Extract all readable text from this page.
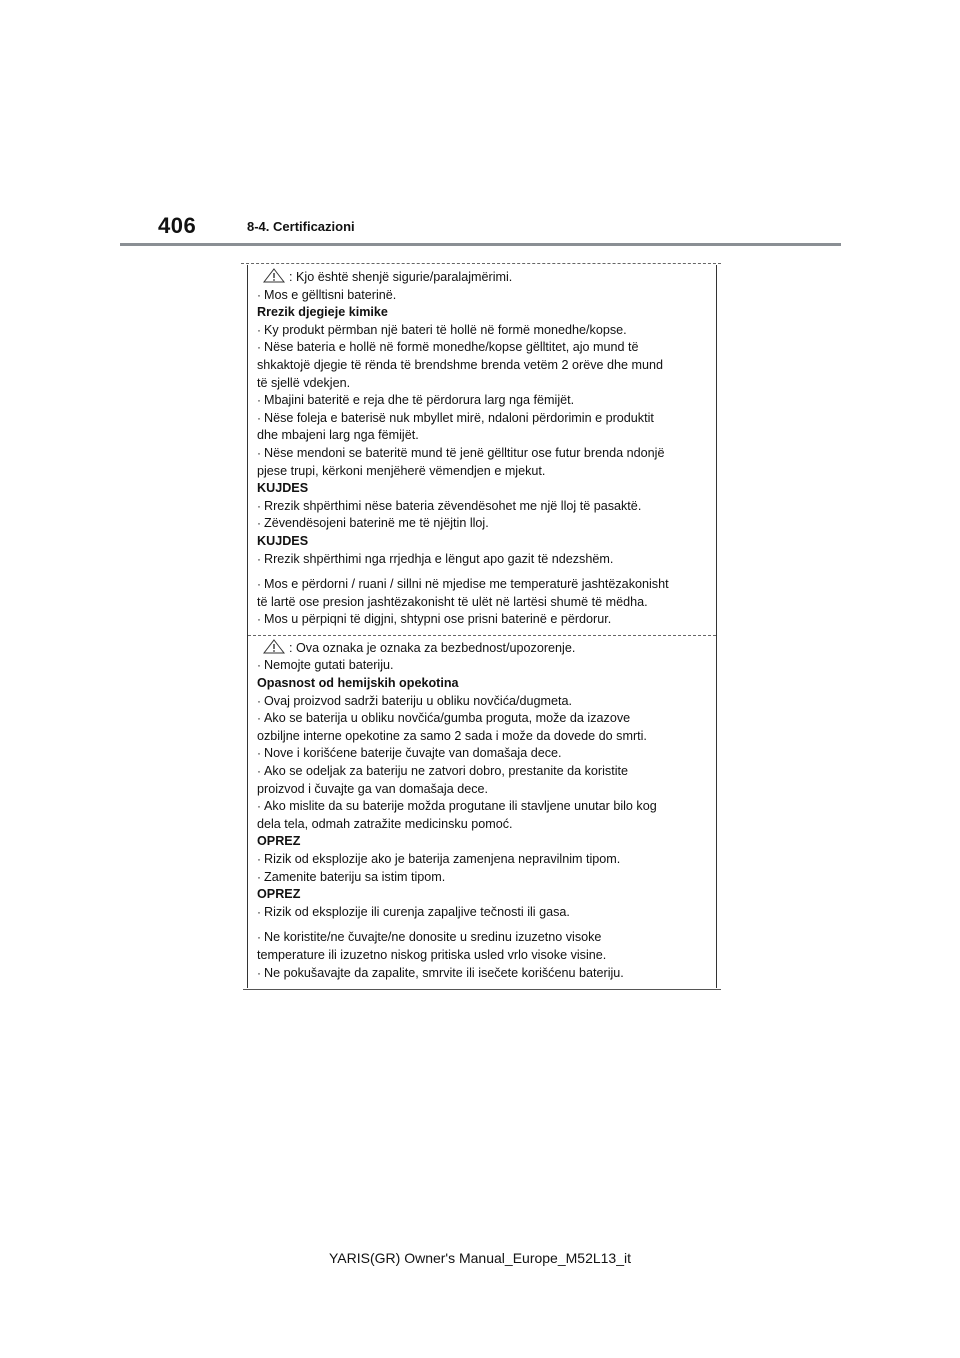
406	8-4. Certificazioni
: Kjo është shenjë sigurie/paralajmërimi.
· Mos e gëlltisni baterinë.
Rrezik djegieje kimike
· Ky produkt përmban një bateri të hollë në formë monedhe/kopse.
· Nëse bateria e hollë në formë monedhe/kopse gëlltitet, ajo mund të
shkaktojë djegie të rënda të brendshme brenda vetëm 2 orëve dhe mund
të sjellë vdekjen.
· Mbajini bateritë e reja dhe të përdorura larg nga fëmijët.
· Nëse foleja e baterisë nuk mbyllet mirë, ndaloni përdorimin e produktit
dhe mbajeni larg nga fëmijët.
· Nëse mendoni se bateritë mund të jenë gëlltitur ose futur brenda ndonjë
pjese trupi, kërkoni menjëherë vëmendjen e mjekut.
KUJDES
· Rrezik shpërthimi nëse bateria zëvendësohet me një lloj të pasaktë.
· Zëvendësojeni baterinë me të njëjtin lloj.
KUJDES
· Rrezik shpërthimi nga rrjedhja e lëngut apo gazit të ndezshëm.
· Mos e përdorni / ruani / sillni në mjedise me temperaturë jashtëzakonisht
të lartë ose presion jashtëzakonisht të ulët në lartësi shumë të mëdha.
· Mos u përpiqni të digjni, shtypni ose prisni baterinë e përdorur.
: Ova oznaka je oznaka za bezbednost/upozorenje.
· Nemojte gutati bateriju.
Opasnost od hemijskih opekotina
· Ovaj proizvod sadrži bateriju u obliku novčića/dugmeta.
· Ako se baterija u obliku novčića/gumba proguta, može da izazove
ozbiljne interne opekotine za samo 2 sada i može da dovede do smrti.
· Nove i korišćene baterije čuvajte van domašaja dece.
· Ako se odeljak za bateriju ne zatvori dobro, prestanite da koristite
proizvod i čuvajte ga van domašaja dece.
· Ako mislite da su baterije možda progutane ili stavljene unutar bilo kog
dela tela, odmah zatražite medicinsku pomoć.
OPREZ
· Rizik od eksplozije ako je baterija zamenjena nepravilnim tipom.
· Zamenite bateriju sa istim tipom.
OPREZ
· Rizik od eksplozije ili curenja zapaljive tečnosti ili gasa.
· Ne koristite/ne čuvajte/ne donosite u sredinu izuzetno visoke
temperature ili izuzetno niskog pritiska usled vrlo visoke visine.
· Ne pokušavajte da zapalite, smrvite ili isečete korišćenu bateriju.
YARIS(GR) Owner's Manual_Europe_M52L13_it
